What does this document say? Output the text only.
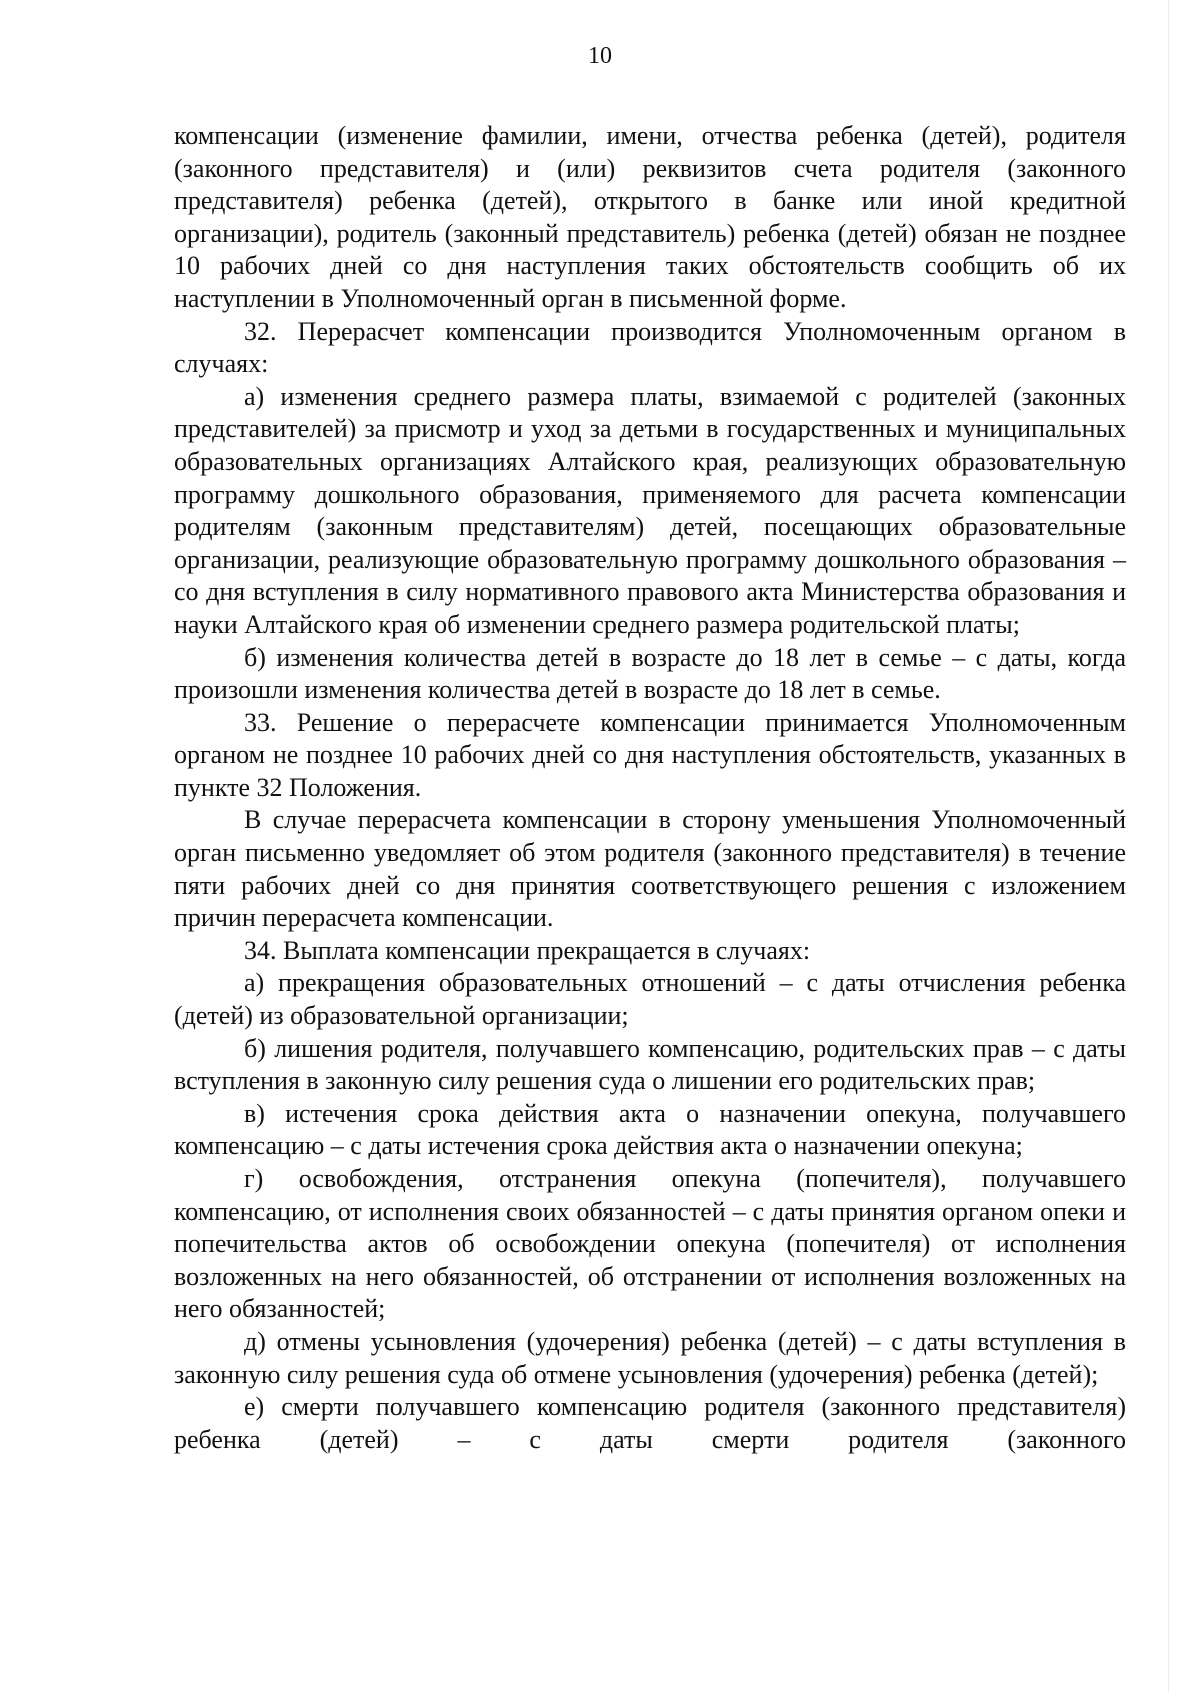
10

компенсации (изменение фамилии, имени, отчества ребенка (детей), родителя (законного представителя) и (или) реквизитов счета родителя (законного представителя) ребенка (детей), открытого в банке или иной кредитной организации), родитель (законный представитель) ребенка (детей) обязан не позднее 10 рабочих дней со дня наступления таких обстоятельств сообщить об их наступлении в Уполномоченный орган в письменной форме.

32. Перерасчет компенсации производится Уполномоченным органом в случаях:

а) изменения среднего размера платы, взимаемой с родителей (законных представителей) за присмотр и уход за детьми в государственных и муниципальных образовательных организациях Алтайского края, реализующих образовательную программу дошкольного образования, применяемого для расчета компенсации родителям (законным представителям) детей, посещающих образовательные организации, реализующие образовательную программу дошкольного образования – со дня вступления в силу нормативного правового акта Министерства образования и науки Алтайского края об изменении среднего размера родительской платы;

б) изменения количества детей в возрасте до 18 лет в семье – с даты, когда произошли изменения количества детей в возрасте до 18 лет в семье.

33. Решение о перерасчете компенсации принимается Уполномоченным органом не позднее 10 рабочих дней со дня наступления обстоятельств, указанных в пункте 32 Положения.

В случае перерасчета компенсации в сторону уменьшения Уполномоченный орган письменно уведомляет об этом родителя (законного представителя) в течение пяти рабочих дней со дня принятия соответствующего решения с изложением причин перерасчета компенсации.

34. Выплата компенсации прекращается в случаях:

а) прекращения образовательных отношений – с даты отчисления ребенка (детей) из образовательной организации;

б) лишения родителя, получавшего компенсацию, родительских прав – с даты вступления в законную силу решения суда о лишении его родительских прав;

в) истечения срока действия акта о назначении опекуна, получавшего компенсацию – с даты истечения срока действия акта о назначении опекуна;

г) освобождения, отстранения опекуна (попечителя), получавшего компенсацию, от исполнения своих обязанностей – с даты принятия органом опеки и попечительства актов об освобождении опекуна (попечителя) от исполнения возложенных на него обязанностей, об отстранении от исполнения возложенных на него обязанностей;

д) отмены усыновления (удочерения) ребенка (детей) – с даты вступления в законную силу решения суда об отмене усыновления (удочерения) ребенка (детей);

е) смерти получавшего компенсацию родителя (законного представителя) ребенка (детей) – с даты смерти родителя (законного
